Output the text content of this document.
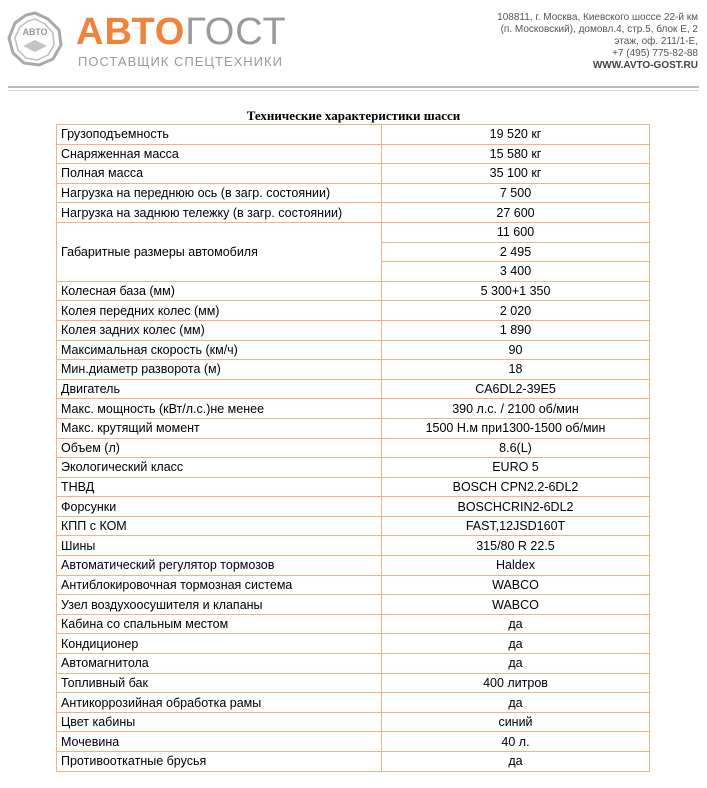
АВТО АВТОГОСТ
ПОСТАВЩИК СПЕЦТЕХНИКИ
108811, г. Москва, Киевского шоссе 22-й км
(п. Московский), домовл.4, стр.5, блок Е, 2
этаж, оф. 211/1-Е,
+7 (495) 775-82-88
WWW.AVTO-GOST.RU
Технические характеристики шасси
Грузоподъемность	19 520 кг
Снаряженная масса	15 580 кг
Полная масса	35 100 кг
Нагрузка на переднюю ось (в загр. состоянии)	7 500
Нагрузка на заднюю тележку (в загр. состоянии)	27 600
Габаритные размеры автомобиля	11 600
	2 495
	3 400
Колесная база (мм)	5 300+1 350
Колея передних колес (мм)	2 020
Колея задних колес (мм)	1 890
Максимальная скорость (км/ч)	90
Мин.диаметр разворота (м)	18
Двигатель	CA6DL2-39E5
Макс. мощность (кВт/л.с.)не менее	390 л.с. / 2100 об/мин
Макс. крутящий момент	1500 Н.м при1300-1500 об/мин
Объем (л)	8.6(L)
Экологический класс	EURO 5
ТНВД	BOSCH CPN2.2-6DL2
Форсунки	BOSCHCRIN2-6DL2
КПП с КОМ	FAST,12JSD160T
Шины	315/80 R 22.5
Автоматический регулятор тормозов	Haldex
Антиблокировочная тормозная система	WABCO
Узел воздухоосушителя и клапаны	WABCO
Кабина со спальным местом	да
Кондиционер	да
Автомагнитола	да
Топливный бак	400 литров
Антикоррозийная обработка рамы	да
Цвет кабины	синий
Мочевина	40 л.
Противооткатные брусья	да
